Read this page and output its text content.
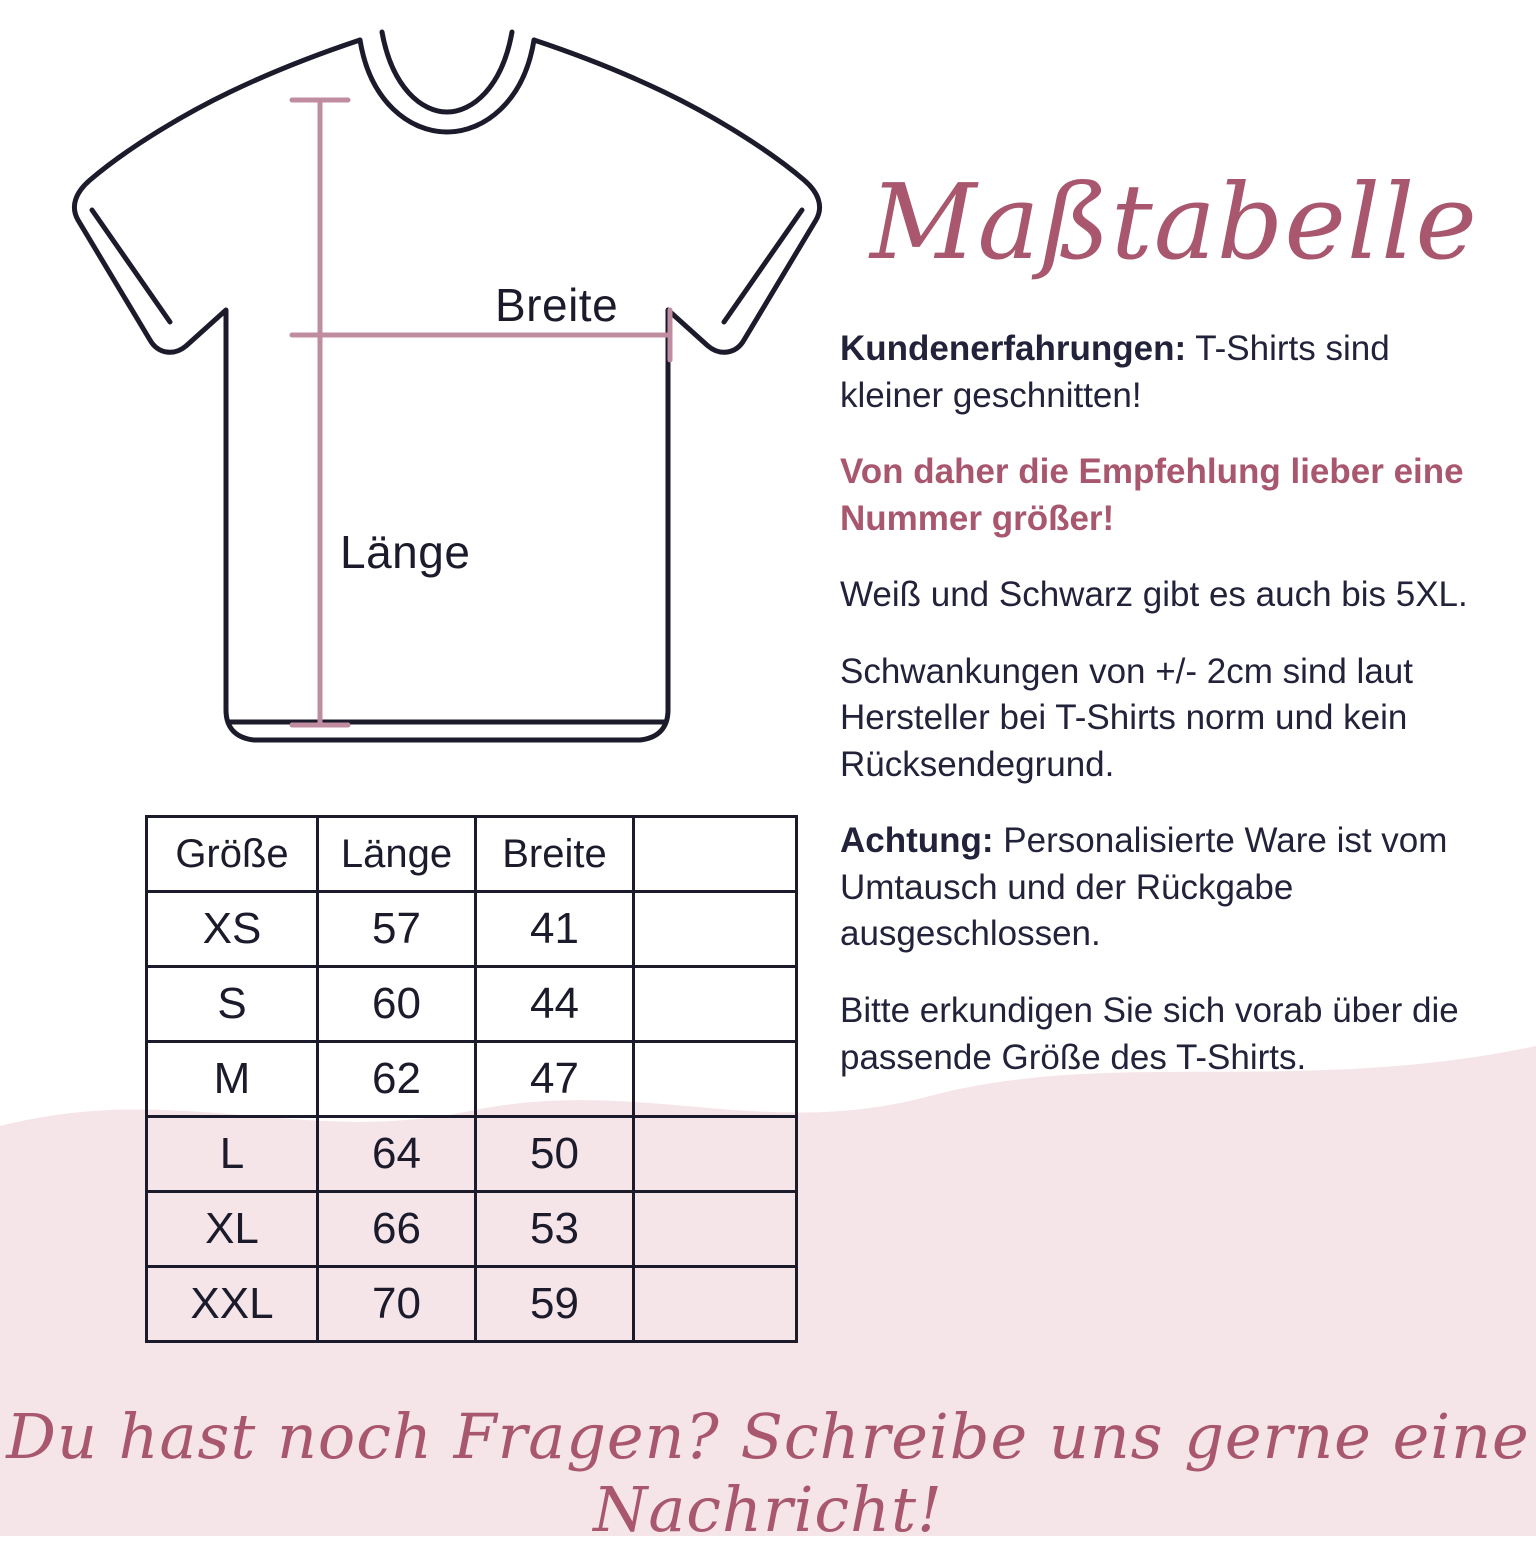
Breite
Länge
Größe	Länge	Breite	
XS	57	41	
S	60	44	
M	62	47	
L	64	50	
XL	66	53	
XXL	70	59	
Maßtabelle

Kundenerfahrungen: T-Shirts sind kleiner geschnitten!

Von daher die Empfehlung lieber eine Nummer größer!

Weiß und Schwarz gibt es auch bis 5XL.

Schwankungen von +/- 2cm sind laut Hersteller bei T-Shirts norm und kein Rücksendegrund.

Achtung: Personalisierte Ware ist vom Umtausch und der Rückgabe ausgeschlossen.

Bitte erkundigen Sie sich vorab über die passende Größe des T-Shirts.

Du hast noch Fragen? Schreibe uns gerne eine Nachricht!
